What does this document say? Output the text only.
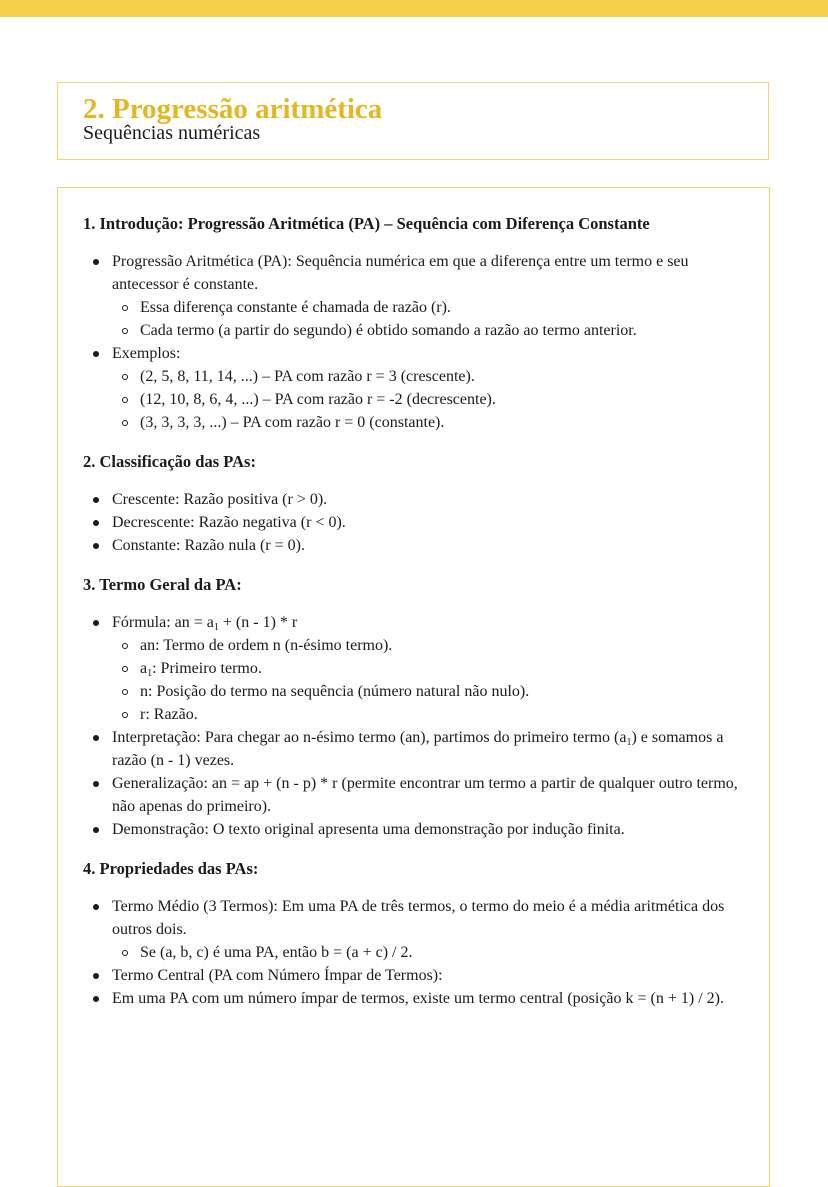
2. Progressão aritmética

Sequências numéricas

1. Introdução: Progressão Aritmética (PA) – Sequência com Diferença Constante
Progressão Aritmética (PA): Sequência numérica em que a diferença entre um termo e seu antecessor é constante.
Essa diferença constante é chamada de razão (r).
Cada termo (a partir do segundo) é obtido somando a razão ao termo anterior.
Exemplos:
(2, 5, 8, 11, 14, ...) – PA com razão r = 3 (crescente).
(12, 10, 8, 6, 4, ...) – PA com razão r = -2 (decrescente).
(3, 3, 3, 3, ...) – PA com razão r = 0 (constante).
2. Classificação das PAs:
Crescente: Razão positiva (r > 0).
Decrescente: Razão negativa (r < 0).
Constante: Razão nula (r = 0).
3. Termo Geral da PA:
Fórmula: an = $a_1 + (n - 1) * r$
an: Termo de ordem n (n-ésimo termo).
$a_1$: Primeiro termo.
n: Posição do termo na sequência (número natural não nulo).
r: Razão.
Interpretação: Para chegar ao n-ésimo termo (an), partimos do primeiro termo $(a_1)$ e somamos a razão (n - 1) vezes.
Generalização: an = ap + (n - p) * r (permite encontrar um termo a partir de qualquer outro termo, não apenas do primeiro).
Demonstração: O texto original apresenta uma demonstração por indução finita.
4. Propriedades das PAs:
Termo Médio (3 Termos): Em uma PA de três termos, o termo do meio é a média aritmética dos outros dois.
Se (a, b, c) é uma PA, então b = (a + c) / 2.
Termo Central (PA com Número Ímpar de Termos):
Em uma PA com um número ímpar de termos, existe um termo central (posição k = (n + 1) / 2).
